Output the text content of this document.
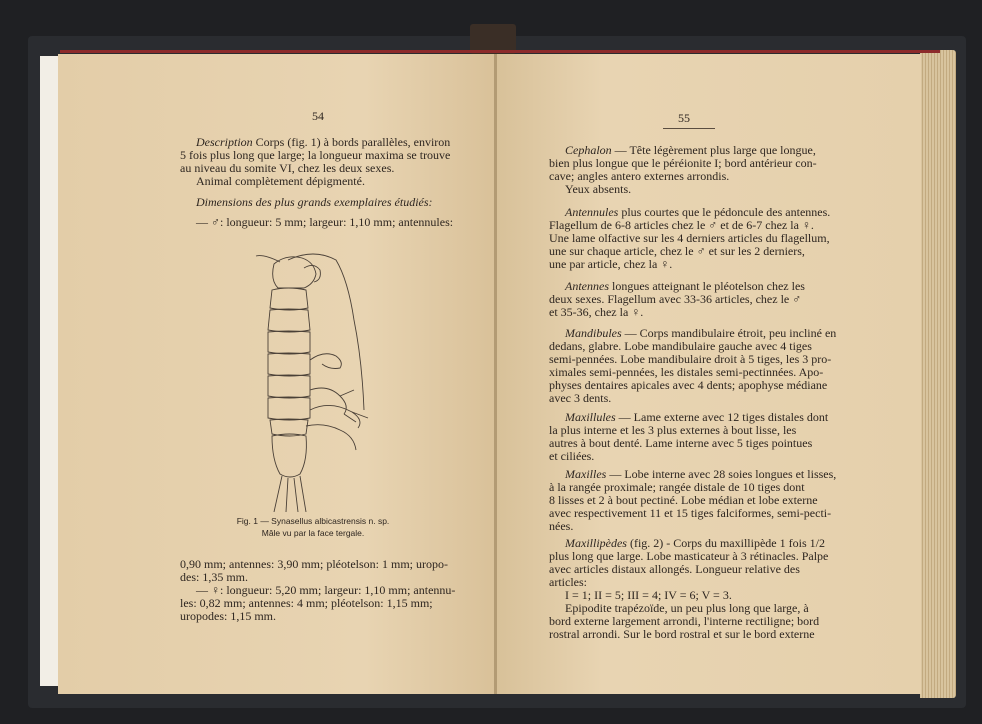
54
Description Corps (fig. 1) à bords parallèles, environ
5 fois plus long que large; la longueur maxima se trouve
au niveau du somite VI, chez les deux sexes.
Animal complètement dépigmenté.
Dimensions des plus grands exemplaires étudiés:
— ♂: longueur: 5 mm; largeur: 1,10 mm; antennules:
Fig. 1 — Synasellus albicastrensis n. sp.
Mâle vu par la face tergale.
0,90 mm; antennes: 3,90 mm; pléotelson: 1 mm; uropo-
des: 1,35 mm.
— ♀: longueur: 5,20 mm; largeur: 1,10 mm; antennu-
les: 0,82 mm; antennes: 4 mm; pléotelson: 1,15 mm;
uropodes: 1,15 mm.
55
Cephalon — Tête légèrement plus large que longue,
bien plus longue que le péréionite I; bord antérieur con-
cave; angles antero externes arrondis.
Yeux absents.
Antennules plus courtes que le pédoncule des antennes.
Flagellum de 6-8 articles chez le ♂ et de 6-7 chez la ♀.
Une lame olfactive sur les 4 derniers articles du flagellum,
une sur chaque article, chez le ♂ et sur les 2 derniers,
une par article, chez la ♀.
Antennes longues atteignant le pléotelson chez les
deux sexes. Flagellum avec 33-36 articles, chez le ♂
et 35-36, chez la ♀.
Mandibules — Corps mandibulaire étroit, peu incliné en
dedans, glabre. Lobe mandibulaire gauche avec 4 tiges
semi-pennées. Lobe mandibulaire droit à 5 tiges, les 3 pro-
ximales semi-pennées, les distales semi-pectinnées. Apo-
physes dentaires apicales avec 4 dents; apophyse médiane
avec 3 dents.
Maxillules — Lame externe avec 12 tiges distales dont
la plus interne et les 3 plus externes à bout lisse, les
autres à bout denté. Lame interne avec 5 tiges pointues
et ciliées.
Maxilles — Lobe interne avec 28 soies longues et lisses,
à la rangée proximale; rangée distale de 10 tiges dont
8 lisses et 2 à bout pectiné. Lobe médian et lobe externe
avec respectivement 11 et 15 tiges falciformes, semi-pecti-
nées.
Maxillipèdes (fig. 2) - Corps du maxillipède 1 fois 1/2
plus long que large. Lobe masticateur à 3 rétinacles. Palpe
avec articles distaux allongés. Longueur relative des
articles:
I = 1; II = 5; III = 4; IV = 6; V = 3.
Epipodite trapézoïde, un peu plus long que large, à
bord externe largement arrondi, l'interne rectiligne; bord
rostral arrondi. Sur le bord rostral et sur le bord externe
